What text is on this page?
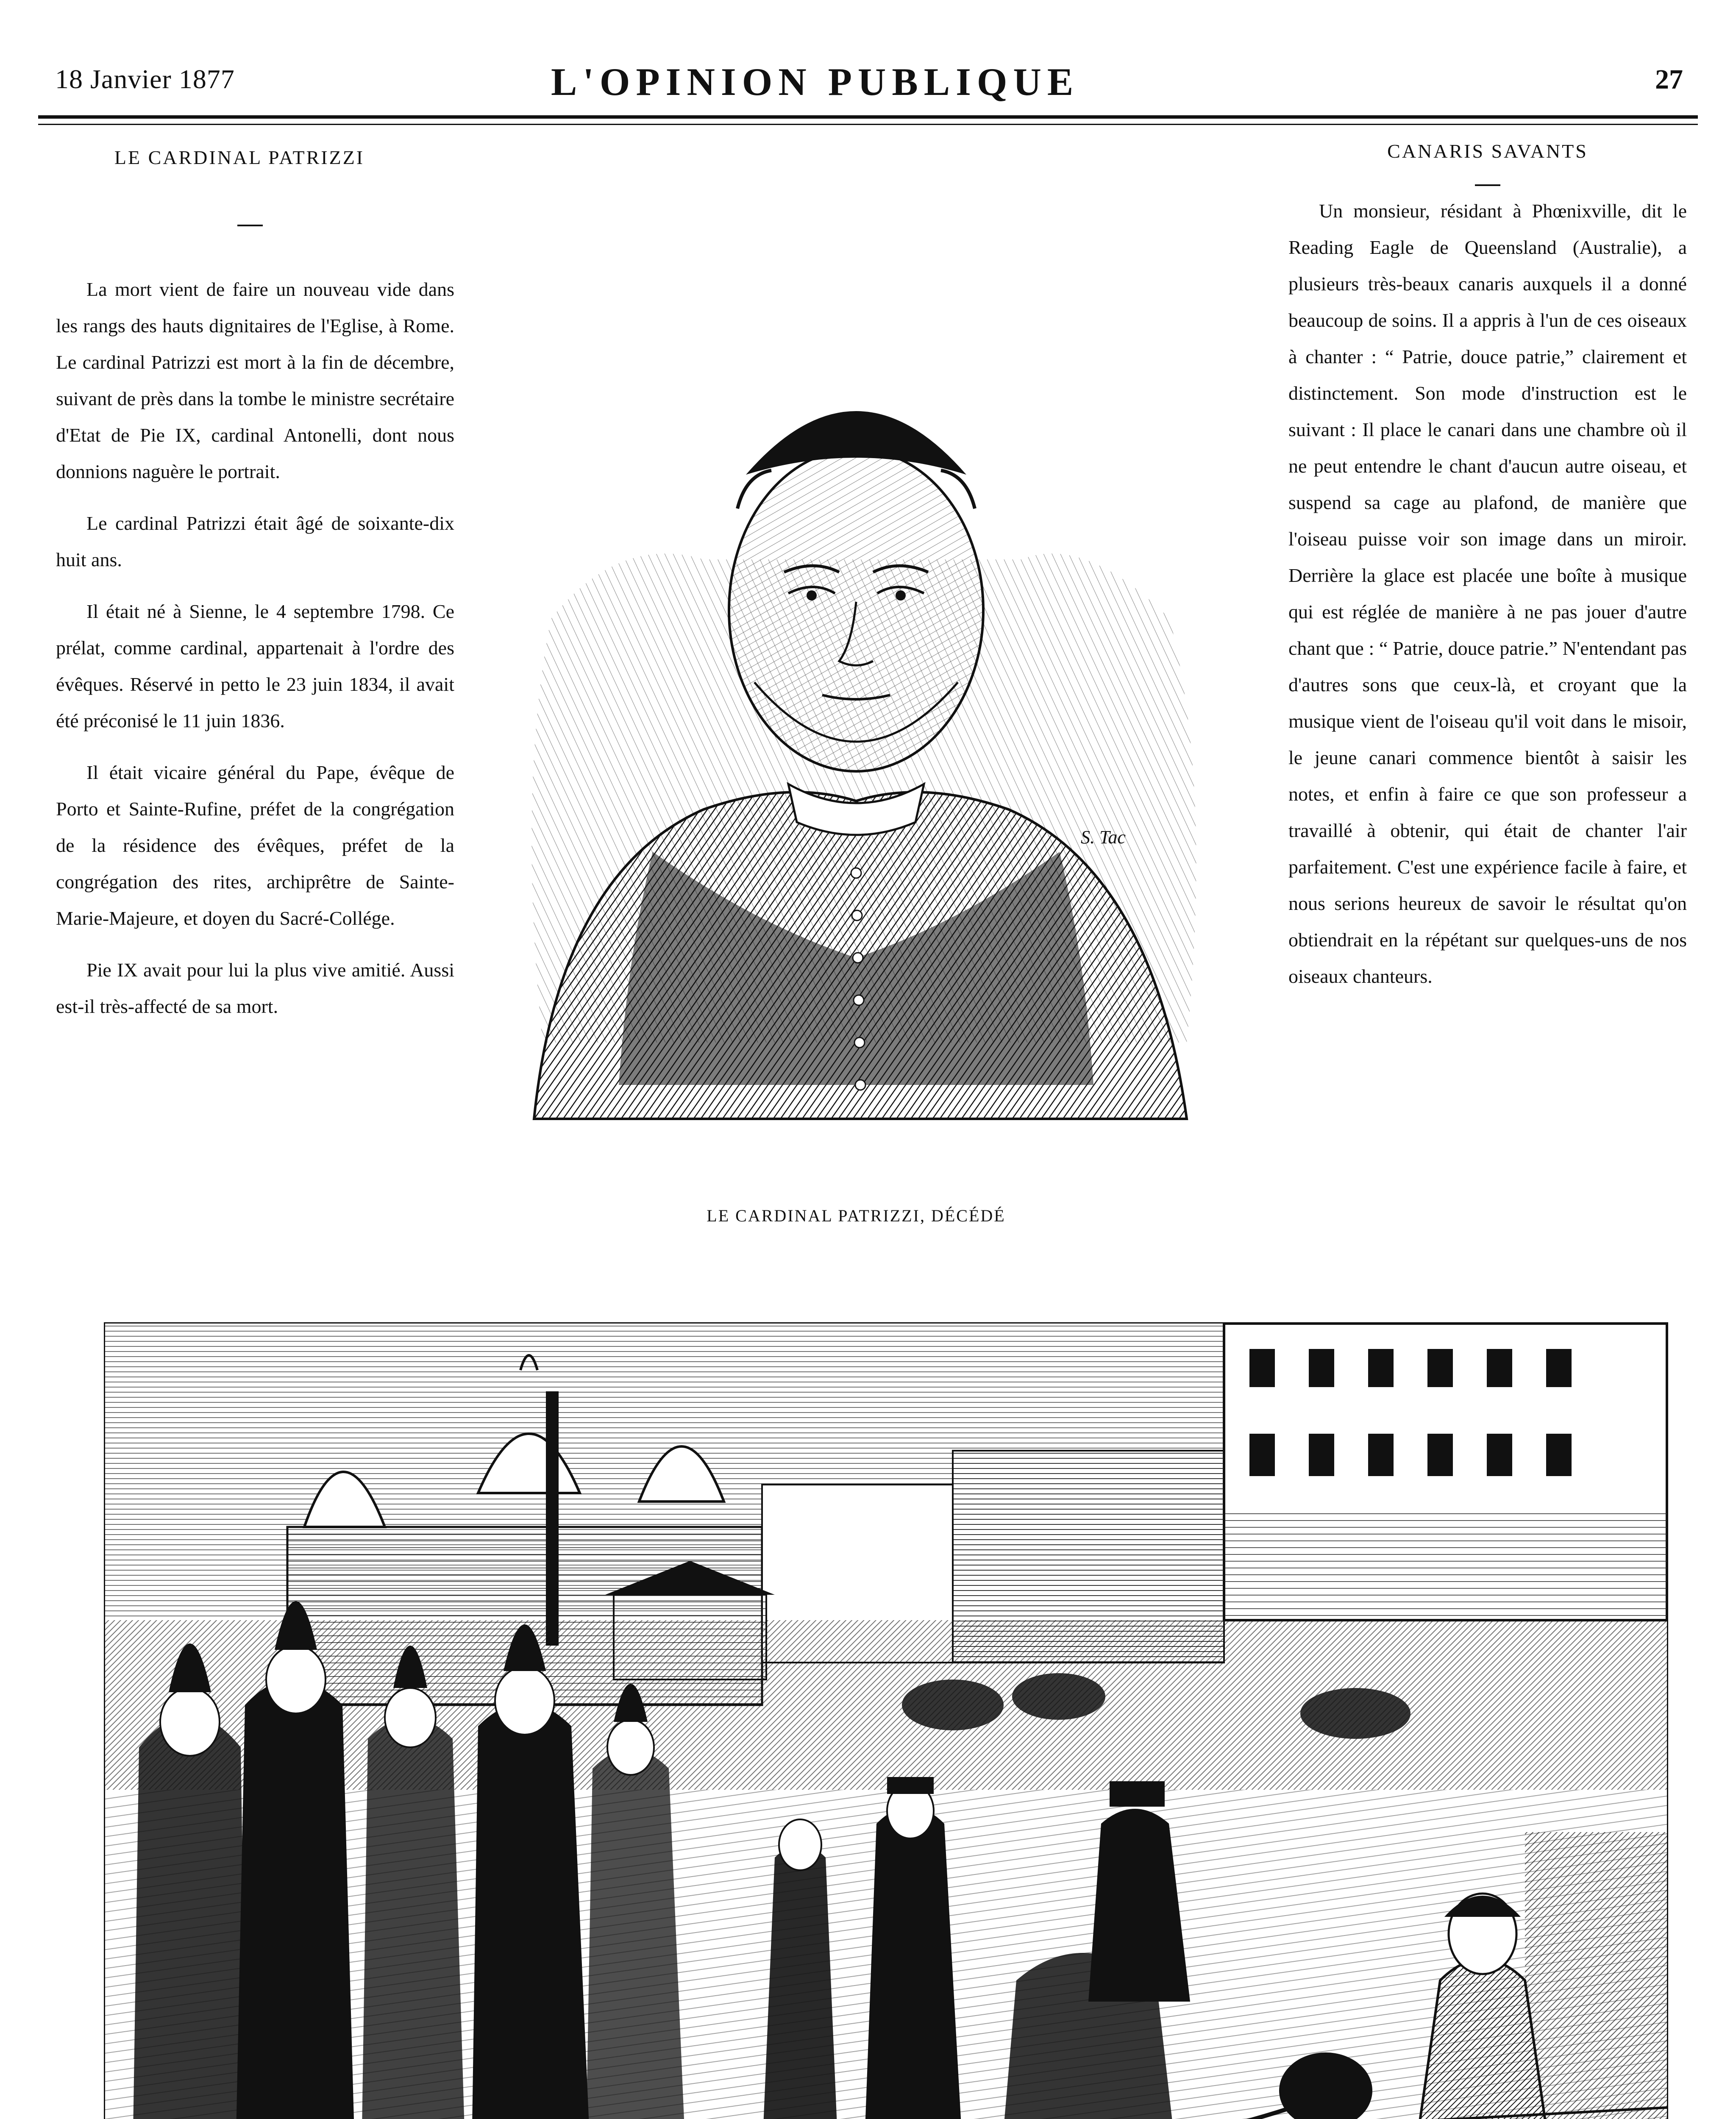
18 Janvier 1877	L'OPINION PUBLIQUE	27
LE CARDINAL PATRIZZI

La mort vient de faire un nouveau vide dans les rangs des hauts dignitaires de l'Eglise, à Rome. Le cardinal Patrizzi est mort à la fin de décembre, suivant de près dans la tombe le ministre secrétaire d'Etat de Pie IX, cardinal Antonelli, dont nous donnions naguère le portrait.

Le cardinal Patrizzi était âgé de soixante-dix huit ans.

Il était né à Sienne, le 4 septembre 1798. Ce prélat, comme cardinal, appartenait à l'ordre des évêques. Réservé in petto le 23 juin 1834, il avait été préconisé le 11 juin 1836.

Il était vicaire général du Pape, évêque de Porto et Sainte-Rufine, préfet de la congrégation de la résidence des évêques, préfet de la congrégation des rites, archiprêtre de Sainte-Marie-Majeure, et doyen du Sacré-Collége.

Pie IX avait pour lui la plus vive amitié. Aussi est-il très-affecté de sa mort.

S. Tac
LE CARDINAL PATRIZZI, DÉCÉDÉ
CANARIS SAVANTS

Un monsieur, résidant à Phœnixville, dit le Reading Eagle de Queensland (Australie), a plusieurs très-beaux canaris auxquels il a donné beaucoup de soins. Il a appris à l'un de ces oiseaux à chanter : “ Patrie, douce patrie,” clairement et distinctement. Son mode d'instruction est le suivant : Il place le canari dans une chambre où il ne peut entendre le chant d'aucun autre oiseau, et suspend sa cage au plafond, de manière que l'oiseau puisse voir son image dans un miroir. Derrière la glace est placée une boîte à musique qui est réglée de manière à ne pas jouer d'autre chant que : “ Patrie, douce patrie.” N'entendant pas d'autres sons que ceux-là, et croyant que la musique vient de l'oiseau qu'il voit dans le misoir, le jeune canari commence bientôt à saisir les notes, et enfin à faire ce que son professeur a travaillé à obtenir, qui était de chanter l'air parfaitement. C'est une expérience facile à faire, et nous serions heureux de savoir le résultat qu'on obtiendrait en la répétant sur quelques-uns de nos oiseaux chanteurs.
